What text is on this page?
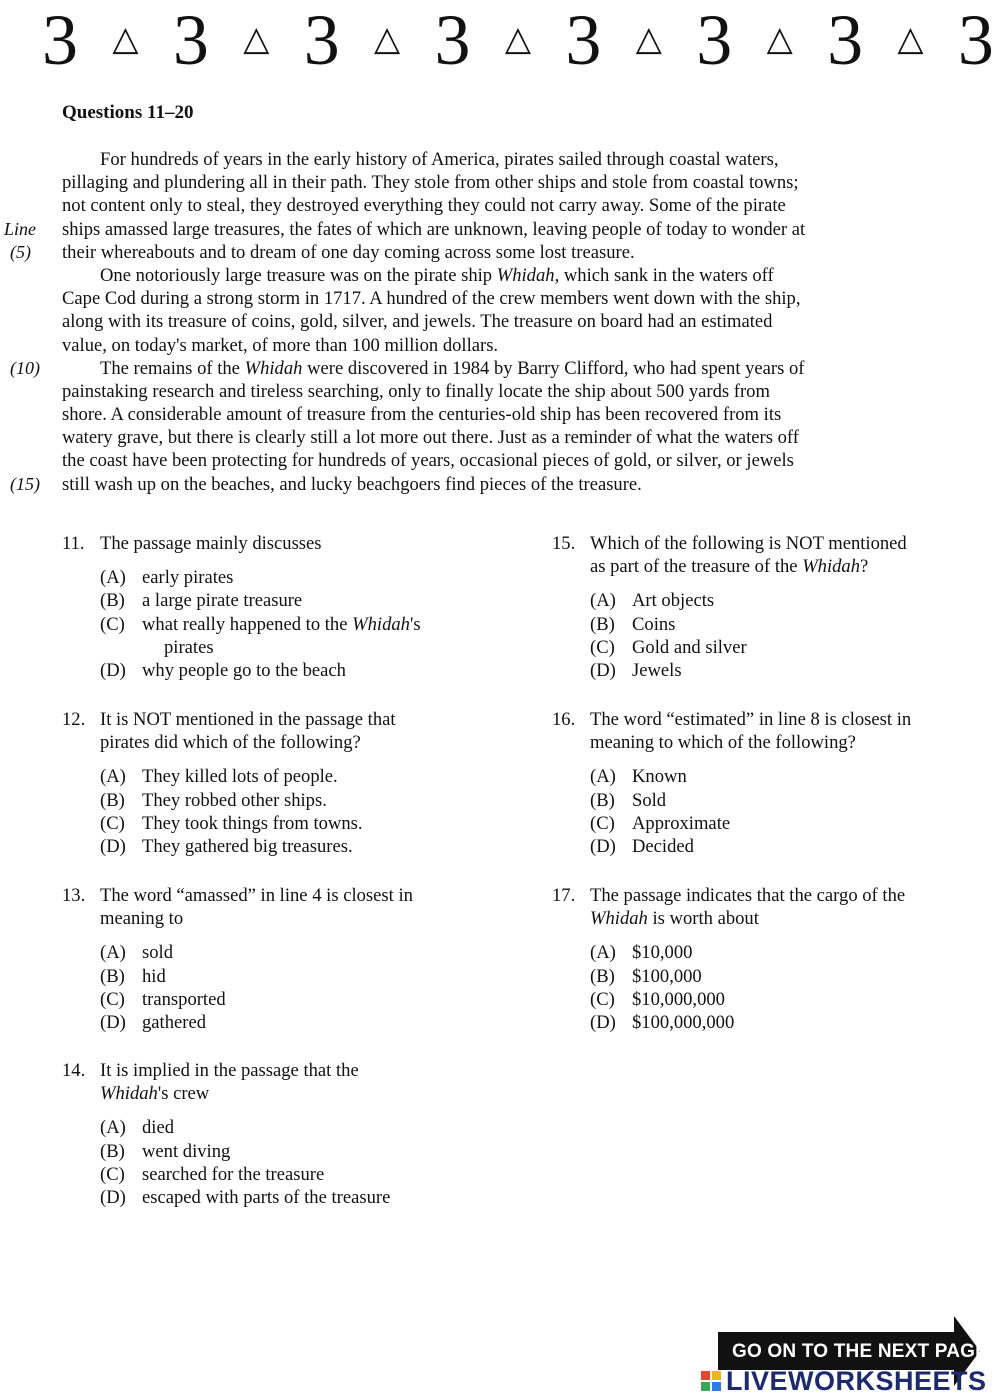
3 △ 3 △ 3 △ 3 △ 3 △ 3 △ 3 △ 3
Questions 11–20
For hundreds of years in the early history of America, pirates sailed through coastal waters,
pillaging and plundering all in their path. They stole from other ships and stole from coastal towns;
not content only to steal, they destroyed everything they could not carry away. Some of the pirate
Line ships amassed large treasures, the fates of which are unknown, leaving people of today to wonder at
(5) their whereabouts and to dream of one day coming across some lost treasure.
One notoriously large treasure was on the pirate ship Whidah, which sank in the waters off
Cape Cod during a strong storm in 1717. A hundred of the crew members went down with the ship,
along with its treasure of coins, gold, silver, and jewels. The treasure on board had an estimated
value, on today's market, of more than 100 million dollars.
(10)	The remains of the Whidah were discovered in 1984 by Barry Clifford, who had spent years of
painstaking research and tireless searching, only to finally locate the ship about 500 yards from
shore. A considerable amount of treasure from the centuries-old ship has been recovered from its
watery grave, but there is clearly still a lot more out there. Just as a reminder of what the waters off
the coast have been protecting for hundreds of years, occasional pieces of gold, or silver, or jewels
(15) still wash up on the beaches, and lucky beachgoers find pieces of the treasure.
11. The passage mainly discusses
(A) early pirates
(B) a large pirate treasure
(C) what really happened to the Whidah's
pirates
(D) why people go to the beach
12. It is NOT mentioned in the passage that
pirates did which of the following?
(A) They killed lots of people.
(B) They robbed other ships.
(C) They took things from towns.
(D) They gathered big treasures.
13. The word “amassed” in line 4 is closest in
meaning to
(A) sold
(B) hid
(C) transported
(D) gathered
14. It is implied in the passage that the
Whidah's crew
(A) died
(B) went diving
(C) searched for the treasure
(D) escaped with parts of the treasure
15. Which of the following is NOT mentioned
as part of the treasure of the Whidah?
(A) Art objects
(B) Coins
(C) Gold and silver
(D) Jewels
16. The word “estimated” in line 8 is closest in
meaning to which of the following?
(A) Known
(B) Sold
(C) Approximate
(D) Decided
17. The passage indicates that the cargo of the
Whidah is worth about
(A) $10,000
(B) $100,000
(C) $10,000,000
(D) $100,000,000
GO ON TO THE NEXT PAGE
LIVEWORKSHEETS
